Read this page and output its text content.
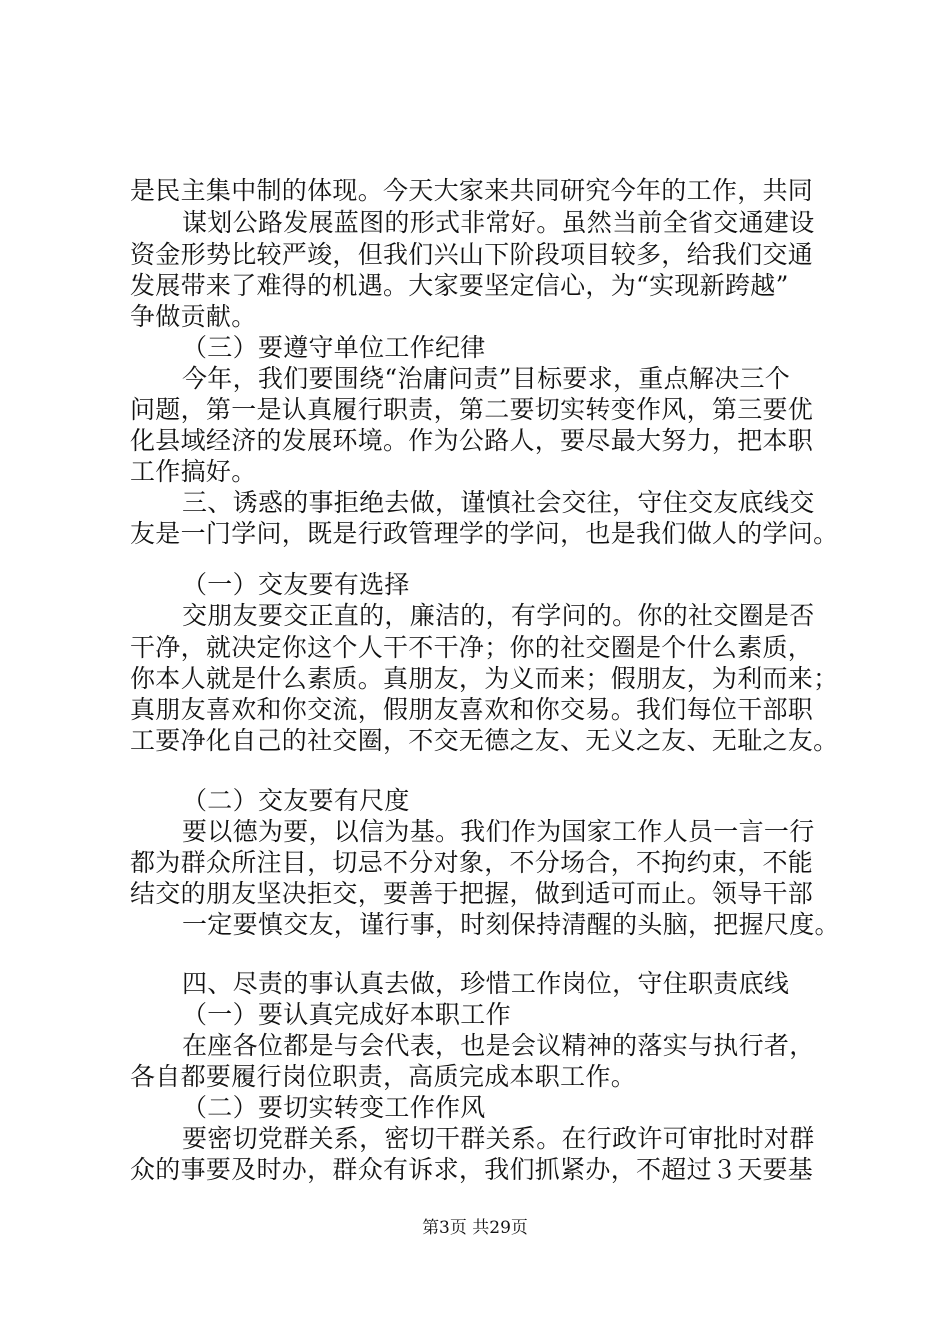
是民主集中制的体现。今天大家来共同研究今年的工作，共同
谋划公路发展蓝图的形式非常好。虽然当前全省交通建设
资金形势比较严竣，但我们兴山下阶段项目较多，给我们交通
发展带来了难得的机遇。大家要坚定信心，为“实现新跨越”
争做贡献。
（三）要遵守单位工作纪律
今年，我们要围绕“治庸问责”目标要求，重点解决三个
问题，第一是认真履行职责，第二要切实转变作风，第三要优
化县域经济的发展环境。作为公路人，要尽最大努力，把本职
工作搞好。
三、诱惑的事拒绝去做，谨慎社会交往，守住交友底线交
友是一门学问，既是行政管理学的学问，也是我们做人的学问。
（一）交友要有选择
交朋友要交正直的，廉洁的，有学问的。你的社交圈是否
干净，就决定你这个人干不干净；你的社交圈是个什么素质，
你本人就是什么素质。真朋友，为义而来；假朋友，为利而来；
真朋友喜欢和你交流，假朋友喜欢和你交易。我们每位干部职
工要净化自己的社交圈，不交无德之友、无义之友、无耻之友。
（二）交友要有尺度
要以德为要，以信为基。我们作为国家工作人员一言一行
都为群众所注目，切忌不分对象，不分场合，不拘约束，不能
结交的朋友坚决拒交，要善于把握，做到适可而止。领导干部
一定要慎交友，谨行事，时刻保持清醒的头脑，把握尺度。
四、尽责的事认真去做，珍惜工作岗位，守住职责底线
（一）要认真完成好本职工作
在座各位都是与会代表，也是会议精神的落实与执行者，
各自都要履行岗位职责，高质完成本职工作。
（二）要切实转变工作作风
要密切党群关系，密切干群关系。在行政许可审批时对群
众的事要及时办，群众有诉求，我们抓紧办，不超过３天要基
第3页 共29页
